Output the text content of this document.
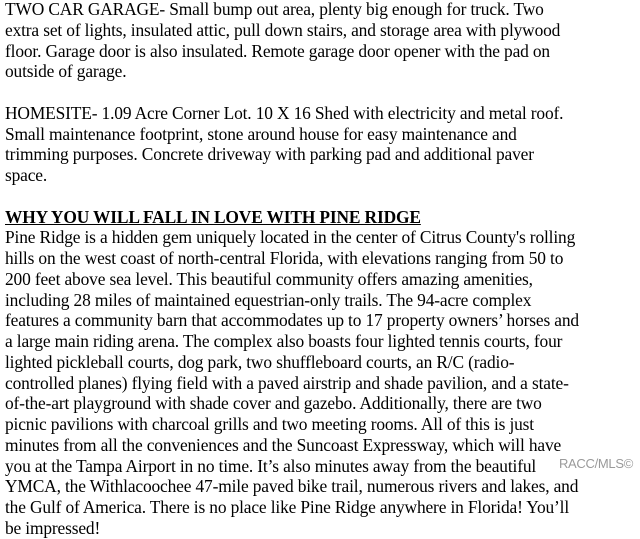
TWO CAR GARAGE- Small bump out area, plenty big enough for truck. Two
extra set of lights, insulated attic, pull down stairs, and storage area with plywood
floor. Garage door is also insulated. Remote garage door opener with the pad on
outside of garage.
HOMESITE- 1.09 Acre Corner Lot. 10 X 16 Shed with electricity and metal roof.
Small maintenance footprint, stone around house for easy maintenance and
trimming purposes. Concrete driveway with parking pad and additional paver
space.
WHY YOU WILL FALL IN LOVE WITH PINE RIDGE
Pine Ridge is a hidden gem uniquely located in the center of Citrus County's rolling
hills on the west coast of north-central Florida, with elevations ranging from 50 to
200 feet above sea level. This beautiful community offers amazing amenities,
including 28 miles of maintained equestrian-only trails. The 94-acre complex
features a community barn that accommodates up to 17 property owners’ horses and
a large main riding arena. The complex also boasts four lighted tennis courts, four
lighted pickleball courts, dog park, two shuffleboard courts, an R/C (radio-
controlled planes) flying field with a paved airstrip and shade pavilion, and a state-
of-the-art playground with shade cover and gazebo. Additionally, there are two
picnic pavilions with charcoal grills and two meeting rooms. All of this is just
minutes from all the conveniences and the Suncoast Expressway, which will have
you at the Tampa Airport in no time. It’s also minutes away from the beautiful
YMCA, the Withlacoochee 47-mile paved bike trail, numerous rivers and lakes, and
the Gulf of America. There is no place like Pine Ridge anywhere in Florida! You’ll
be impressed!
RACC/MLS©
